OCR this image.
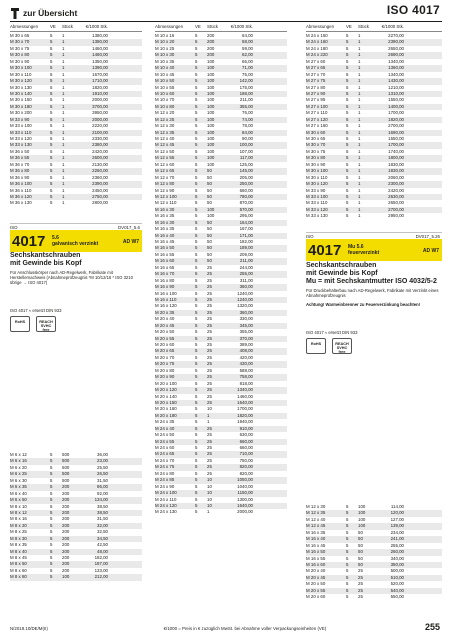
zur Übersicht	ISO 4017
Abmessungen	VE	Stück	€/1000 Stk.
M 30 x 65	5	1	1380,00
M 30 x 70	5	1	1380,00
M 30 x 75	5	1	1460,00
M 30 x 80	5	1	1460,00
M 30 x 90	5	1	1350,00
M 30 x 100	5	1	1390,00
M 30 x 110	5	1	1670,00
M 30 x 120	5	1	1710,00
M 30 x 130	5	1	1820,00
M 30 x 140	5	1	1910,00
M 30 x 150	5	1	2000,00
M 30 x 180	5	1	3700,00
M 30 x 200	5	1	3950,00
M 33 x 90	5	1	2000,00
M 33 x 100	5	1	2220,00
M 33 x 110	5	1	2100,00
M 33 x 120	5	1	2330,00
M 33 x 130	5	1	2380,00
M 36 x 50	5	1	2420,00
M 36 x 55	5	1	2600,00
M 36 x 70	5	1	2130,00
M 36 x 80	5	1	2260,00
M 36 x 90	5	1	2360,00
M 36 x 100	5	1	2390,00
M 36 x 110	5	1	2450,00
M 36 x 120	5	1	2750,00
M 36 x 130	5	1	2800,00
ISO	DV017_5.6
4017	5.6
galvanisch verzinkt	AD W7
Sechskantschrauben
mit Gewinde bis Kopf

Für Anschlusskörper nach AD-Regelwerk, Fabrikate mit Herstellernachweis (Abnahmeprüfzeugnis *M 10/12/16 * ISO 3210 übrige → ISO 4017)

ISO 4017 ≈ ersetzt DIN 933

RoHS	REACH SVHC free
M 6 x 12	5	500	36,00
M 6 x 16	5	500	23,00
M 6 x 20	5	500	25,50
M 6 x 25	5	500	26,50
M 6 x 30	5	500	31,50
M 6 x 35	5	200	86,00
M 6 x 40	5	200	92,00
M 6 x 50	5	200	134,00
M 8 x 10	5	200	38,50
M 8 x 12	5	200	38,50
M 8 x 16	5	200	31,50
M 8 x 20	5	200	32,00
M 8 x 25	5	200	32,50
M 8 x 30	5	200	34,50
M 8 x 35	5	200	42,50
M 8 x 40	5	200	48,00
M 8 x 45	5	200	182,00
M 8 x 50	5	200	187,00
M 8 x 60	5	200	133,00
M 8 x 80	5	100	212,00
Abmessungen	VE	Stück	€/1000 Stk.
M 10 x 16	5	200	64,00
M 10 x 20	5	200	58,00
M 10 x 25	5	200	59,00
M 10 x 30	5	200	62,00
M 10 x 35	5	100	66,00
M 10 x 40	5	100	71,00
M 10 x 45	5	100	75,00
M 10 x 50	5	100	142,00
M 10 x 55	5	100	175,00
M 10 x 60	5	100	188,00
M 10 x 70	5	100	211,00
M 10 x 80	5	100	355,00
M 12 x 20	5	100	76,00
M 12 x 25	5	100	74,00
M 12 x 30	5	100	78,00
M 12 x 35	5	100	84,00
M 12 x 40	5	100	90,00
M 12 x 45	5	100	100,00
M 12 x 50	5	100	107,00
M 12 x 55	5	100	117,00
M 12 x 60	5	100	125,00
M 12 x 65	5	50	145,00
M 12 x 70	5	50	205,00
M 12 x 80	5	50	250,00
M 12 x 90	5	50	660,00
M 12 x 100	5	50	780,00
M 12 x 110	5	50	870,00
M 16 x 30	5	100	570,00
M 16 x 35	5	100	295,00
M 16 x 30	5	50	164,00
M 16 x 35	5	50	167,00
M 16 x 40	5	50	171,00
M 16 x 45	5	50	182,00
M 16 x 50	5	50	189,00
M 16 x 55	5	50	209,00
M 16 x 60	5	50	211,00
M 16 x 65	5	25	244,00
M 16 x 70	5	25	255,00
M 16 x 80	5	25	311,00
M 16 x 90	5	25	360,00
M 16 x 100	5	25	1240,00
M 16 x 110	5	25	1240,00
M 16 x 120	5	25	1320,00
M 20 x 35	5	25	360,00
M 20 x 40	5	25	330,00
M 20 x 45	5	25	345,00
M 20 x 50	5	25	355,00
M 20 x 55	5	25	370,00
M 20 x 60	5	25	389,00
M 20 x 65	5	25	408,00
M 20 x 70	5	25	420,00
M 20 x 75	5	25	430,00
M 20 x 80	5	25	588,00
M 20 x 90	5	25	758,00
M 20 x 100	5	25	818,00
M 20 x 120	5	25	1340,00
M 20 x 140	5	25	1460,00
M 20 x 150	5	25	1640,00
M 20 x 160	5	10	1700,00
M 20 x 180	5	1	1820,00
M 24 x 35	5	1	1940,00
M 24 x 40	5	25	910,00
M 24 x 50	5	25	630,00
M 24 x 55	5	25	660,00
M 24 x 60	5	25	660,00
M 24 x 65	5	25	710,00
M 24 x 70	5	25	750,00
M 24 x 75	5	25	820,00
M 24 x 80	5	25	820,00
M 24 x 85	5	10	1050,00
M 24 x 90	5	10	1040,00
M 24 x 100	5	10	1150,00
M 24 x 110	5	10	1300,00
M 24 x 120	5	10	1640,00
M 24 x 130	5	1	2000,00
Abmessungen	VE	Stück	€/1000 Stk.
M 24 x 150	5	1	2270,00
M 24 x 160	5	1	2390,00
M 24 x 180	5	1	2650,00
M 24 x 220	5	1	2690,00
M 27 x 60	5	1	1340,00
M 27 x 65	5	1	1360,00
M 27 x 70	5	1	1340,00
M 27 x 75	5	1	1430,00
M 27 x 80	5	1	1210,00
M 27 x 90	5	1	1310,00
M 27 x 95	5	1	1550,00
M 27 x 100	5	1	1400,00
M 27 x 110	5	1	1700,00
M 27 x 120	5	1	1820,00
M 27 x 160	5	1	2700,00
M 30 x 60	5	1	1690,00
M 30 x 65	5	1	1550,00
M 30 x 70	5	1	1700,00
M 30 x 75	5	1	1740,00
M 30 x 80	5	1	1800,00
M 30 x 90	5	1	1830,00
M 30 x 100	5	1	1830,00
M 30 x 110	5	1	2060,00
M 30 x 120	5	1	2300,00
M 33 x 90	5	1	2420,00
M 33 x 100	5	1	2630,00
M 33 x 110	5	1	2650,00
M 33 x 120	5	1	2700,00
M 33 x 130	5	1	2950,00
ISO	DV017_5.26
4017	Mu 5.6
feuerverzinkt	AD W7
Sechskantschrauben
mit Gewinde bis Kopf
Mu = mit Sechskantmutter ISO 4032/5-2

Für Druckbehälterbau nach AD-Regelwerk, Fabrikate mit Verzinkt eines Abnahmeprüfzeugnis

Achtung! Warmeinbrenner zu Feuerverzinkung beachten!

ISO 4017 ≈ ersetzt DIN 933

RoHS	REACH SVHC free
M 12 x 30	5	100	114,00
M 12 x 35	5	100	120,00
M 12 x 40	5	100	127,00
M 12 x 45	5	100	139,00
M 16 x 35	5	50	234,00
M 16 x 40	5	50	241,00
M 16 x 45	5	50	255,00
M 16 x 50	5	50	260,00
M 16 x 55	5	50	340,00
M 16 x 60	5	50	350,00
M 20 x 40	5	25	500,00
M 20 x 45	5	25	510,00
M 20 x 50	5	25	520,00
M 20 x 55	5	25	540,00
M 20 x 60	5	25	550,00
N/2019.10/DE/M(II)	€/1000 = Preis in € zuzüglich MwSt. bei Abnahme voller Verpackungseinheiten (VE)	255
